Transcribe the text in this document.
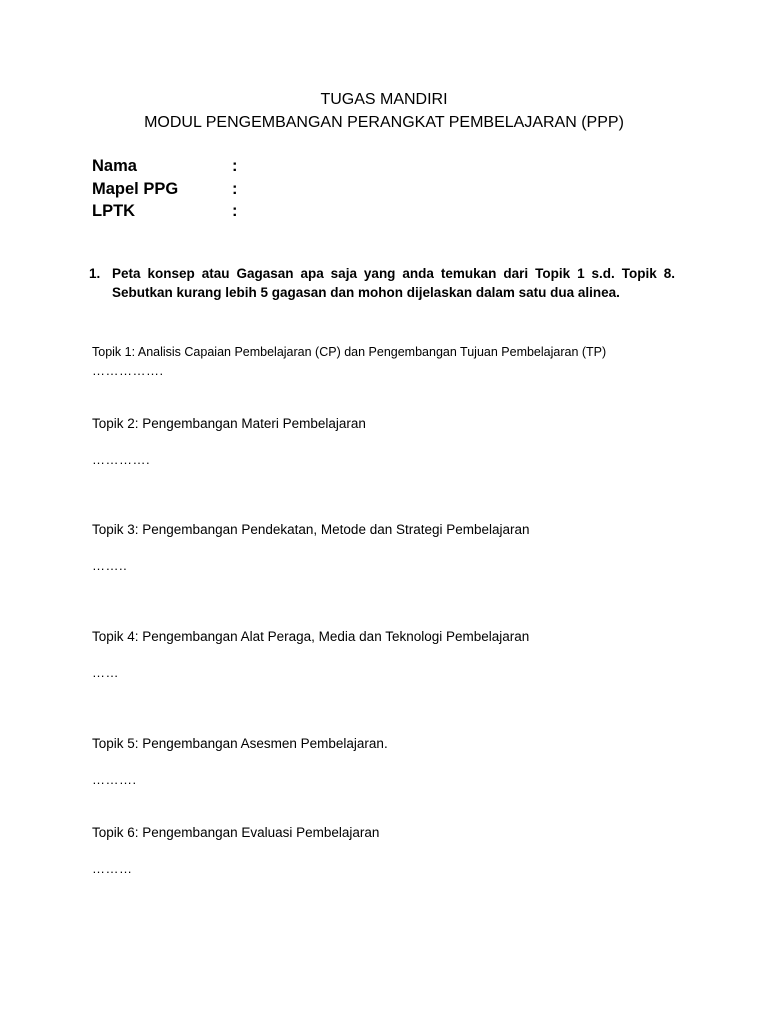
TUGAS MANDIRI
MODUL PENGEMBANGAN PERANGKAT PEMBELAJARAN (PPP)
Nama	:
Mapel PPG	:
LPTK	:
1. Peta konsep atau Gagasan apa saja yang anda temukan dari Topik 1 s.d. Topik 8. Sebutkan kurang lebih 5 gagasan dan mohon dijelaskan dalam satu dua alinea.
Topik 1: Analisis Capaian Pembelajaran (CP) dan Pengembangan Tujuan Pembelajaran (TP)
…………….
Topik 2: Pengembangan Materi Pembelajaran
………….
Topik 3: Pengembangan Pendekatan, Metode dan Strategi Pembelajaran
……..
Topik 4: Pengembangan Alat Peraga, Media dan Teknologi Pembelajaran
……
Topik 5: Pengembangan Asesmen Pembelajaran.
……….
Topik 6: Pengembangan Evaluasi Pembelajaran
………
